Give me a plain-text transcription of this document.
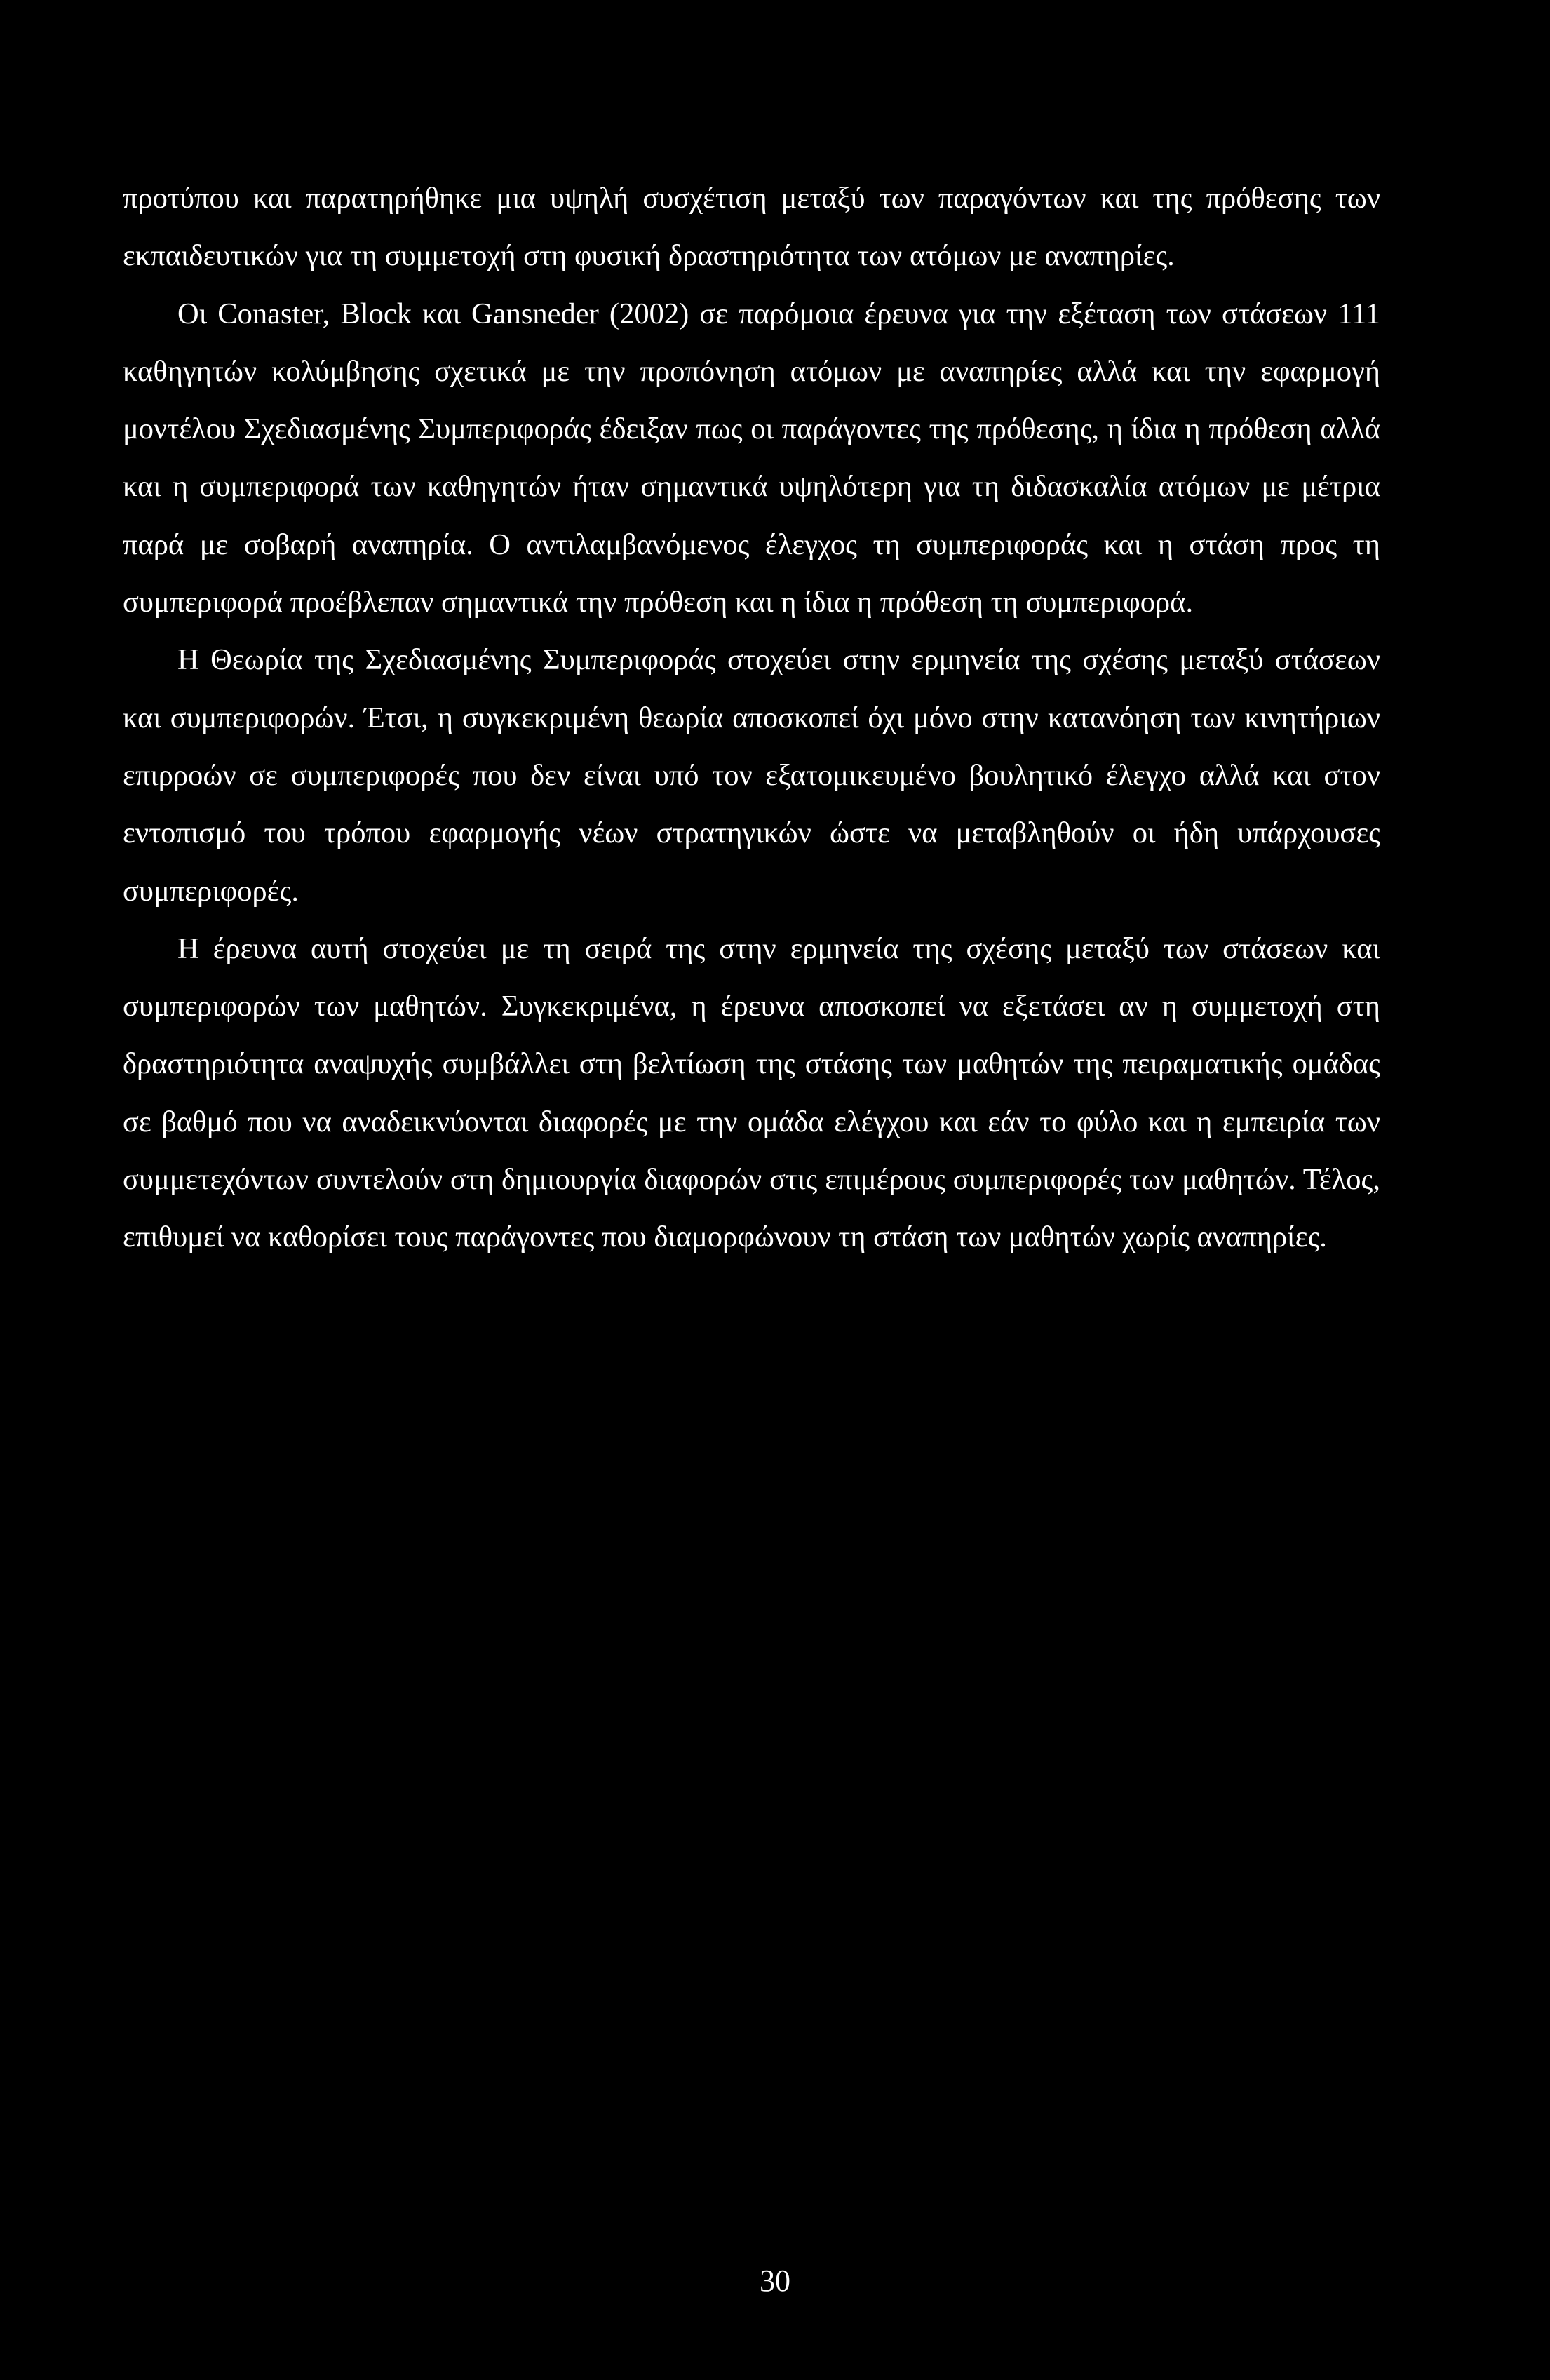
προτύπου και παρατηρήθηκε μια υψηλή συσχέτιση μεταξύ των παραγόντων και της πρόθεσης των εκπαιδευτικών για τη συμμετοχή στη φυσική δραστηριότητα των ατόμων με αναπηρίες.

Οι Conaster, Block και Gansneder (2002) σε παρόμοια έρευνα για την εξέταση των στάσεων 111 καθηγητών κολύμβησης σχετικά με την προπόνηση ατόμων με αναπηρίες αλλά και την εφαρμογή μοντέλου Σχεδιασμένης Συμπεριφοράς έδειξαν πως οι παράγοντες της πρόθεσης, η ίδια η πρόθεση αλλά και η συμπεριφορά των καθηγητών ήταν σημαντικά υψηλότερη για τη διδασκαλία ατόμων με μέτρια παρά με σοβαρή αναπηρία. Ο αντιλαμβανόμενος έλεγχος τη συμπεριφοράς και η στάση προς τη συμπεριφορά προέβλεπαν σημαντικά την πρόθεση και η ίδια η πρόθεση τη συμπεριφορά.

Η Θεωρία της Σχεδιασμένης Συμπεριφοράς στοχεύει στην ερμηνεία της σχέσης μεταξύ στάσεων και συμπεριφορών. Έτσι, η συγκεκριμένη θεωρία αποσκοπεί όχι μόνο στην κατανόηση των κινητήριων επιρροών σε συμπεριφορές που δεν είναι υπό τον εξατομικευμένο βουλητικό έλεγχο αλλά και στον εντοπισμό του τρόπου εφαρμογής νέων στρατηγικών ώστε να μεταβληθούν οι ήδη υπάρχουσες συμπεριφορές.

Η έρευνα αυτή στοχεύει με τη σειρά της στην ερμηνεία της σχέσης μεταξύ των στάσεων και συμπεριφορών των μαθητών. Συγκεκριμένα, η έρευνα αποσκοπεί να εξετάσει αν η συμμετοχή στη δραστηριότητα αναψυχής συμβάλλει στη βελτίωση της στάσης των μαθητών της πειραματικής ομάδας σε βαθμό που να αναδεικνύονται διαφορές με την ομάδα ελέγχου και εάν το φύλο και η εμπειρία των συμμετεχόντων συντελούν στη δημιουργία διαφορών στις επιμέρους συμπεριφορές των μαθητών. Τέλος, επιθυμεί να καθορίσει τους παράγοντες που διαμορφώνουν τη στάση των μαθητών χωρίς αναπηρίες.

30
